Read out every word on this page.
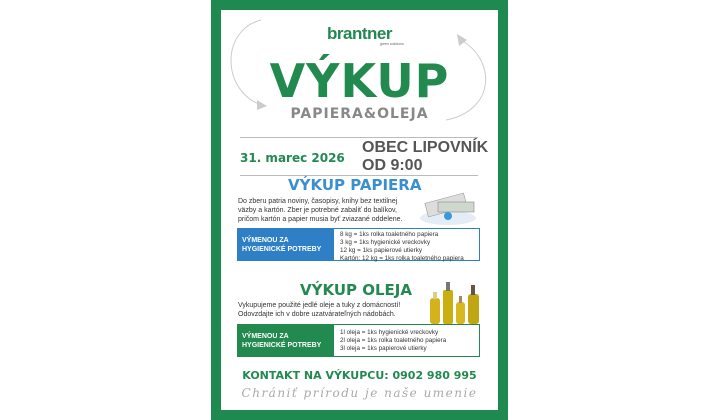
brantner
green solutions
VÝKUP
PAPIERA&OLEJA
31. marec 2026
OBEC LIPOVNÍK
OD 9:00
VÝKUP PAPIERA
Do zberu patria noviny, časopisy, knihy bez textilnej väzby a kartón. Zber je potrebné zabaliť do balíkov, pričom kartón a papier musia byť zviazané oddelene.
VÝMENOU ZA HYGIENICKÉ POTREBY
8 kg = 1ks rolka toaletného papiera
3 kg = 1ks hygienické vreckovky
12 kg = 1ks papierové utierky
Kartón: 12 kg = 1ks rolka toaletného papiera
VÝKUP OLEJA
Vykupujeme použité jedlé oleje a tuky z domácností! Odovzdajte ich v dobre uzatvárateľných nádobách.
VÝMENOU ZA HYGIENICKÉ POTREBY
1l oleja = 1ks hygienické vreckovky
2l oleja = 1ks rolka toaletného papiera
3l oleja = 1ks papierové utierky
KONTAKT NA VÝKUPCU: 0902 980 995
Chrániť prírodu je naše umenie
